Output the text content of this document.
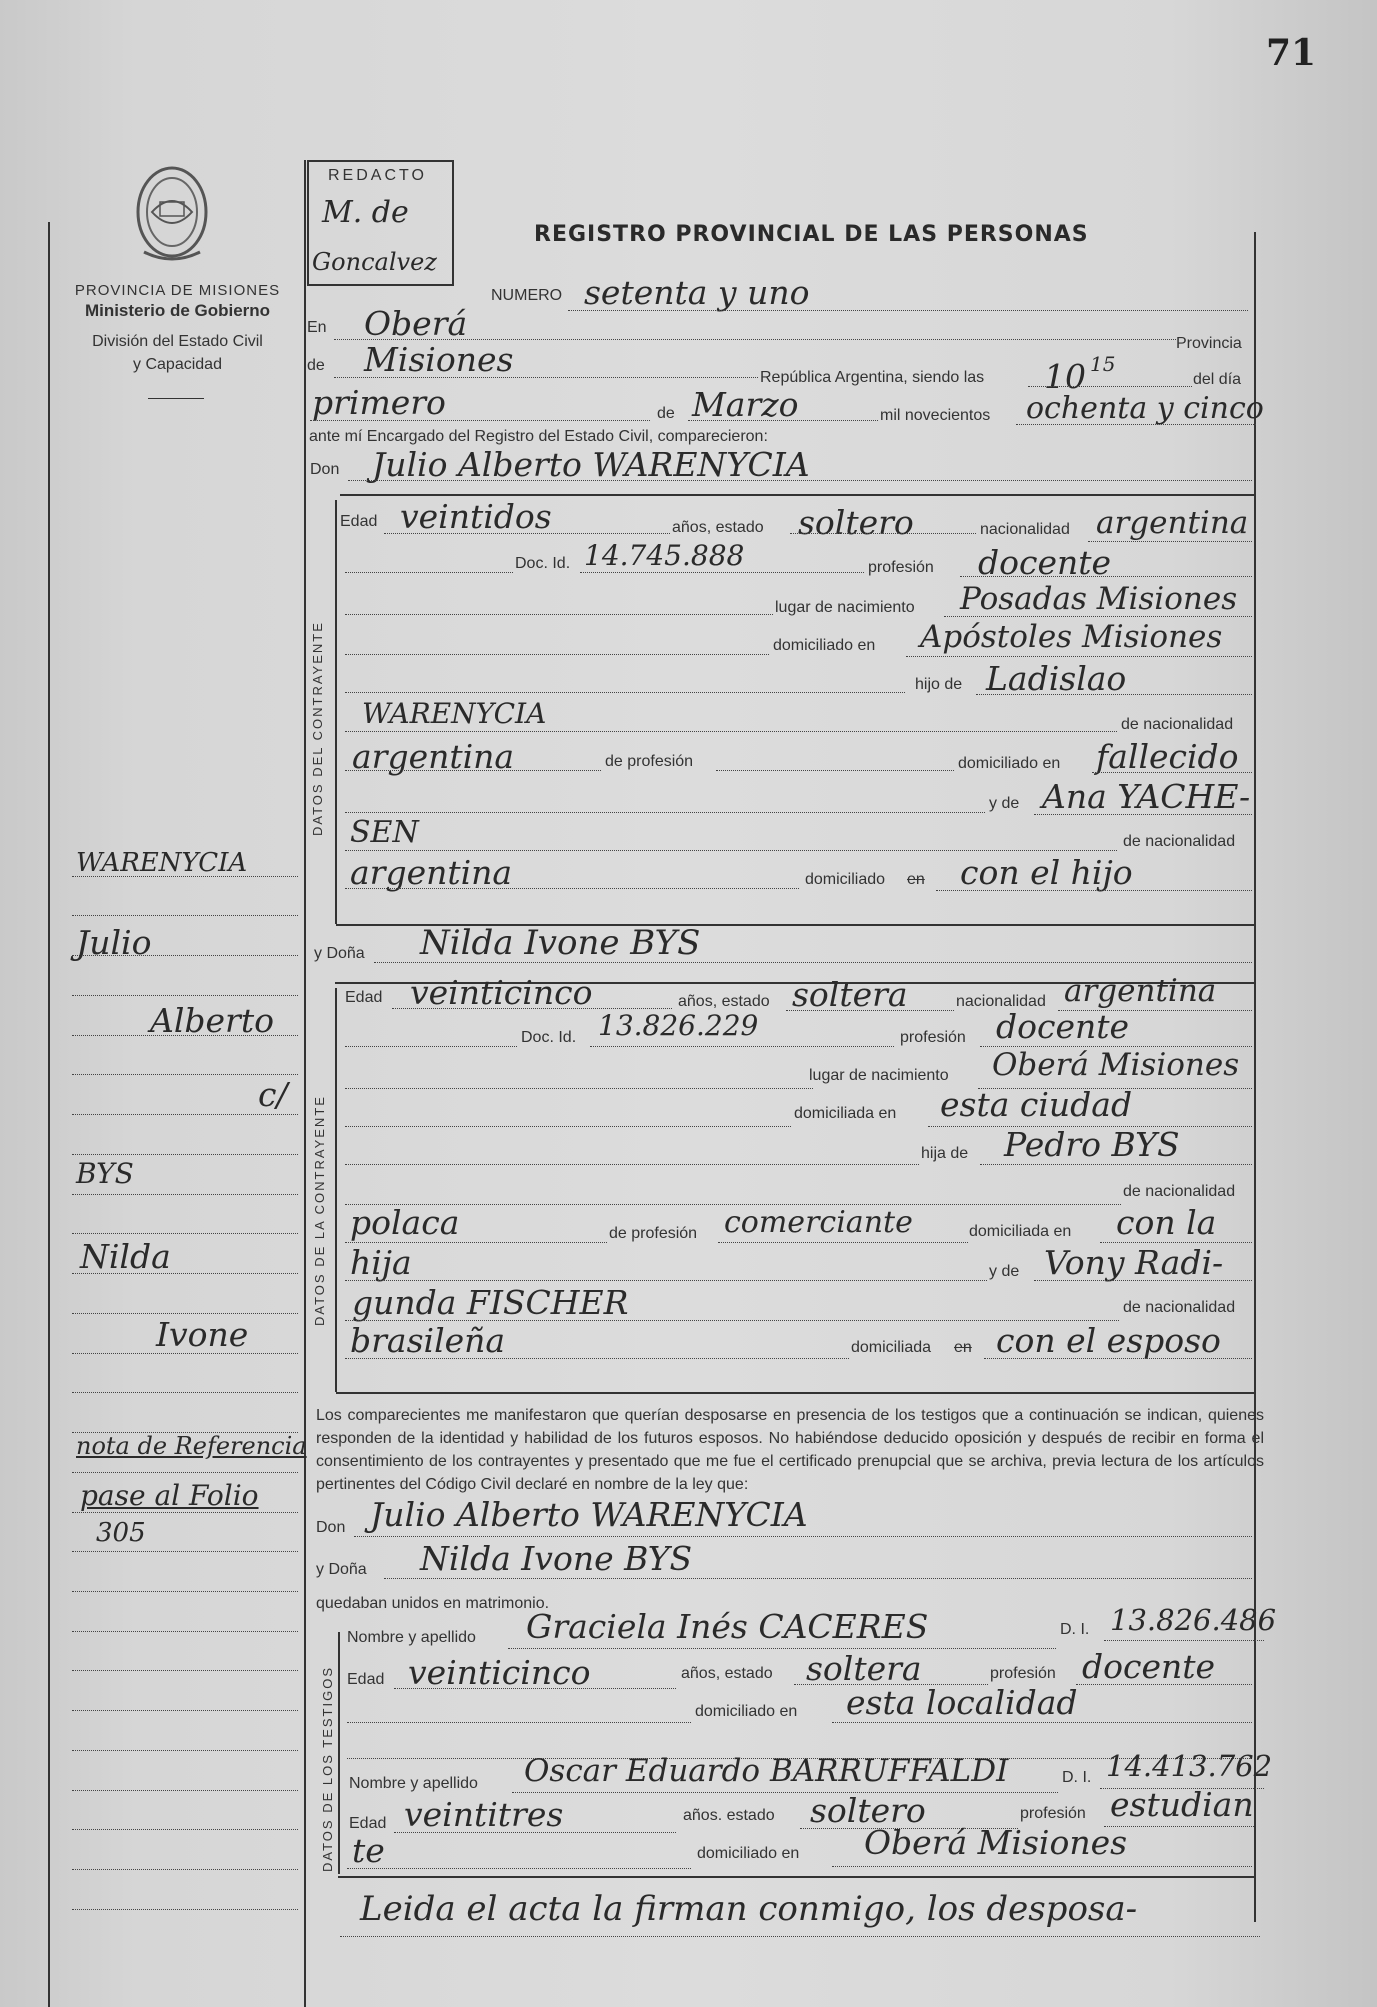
71
PROVINCIA DE MISIONES
Ministerio de Gobierno
División del Estado Civil
y Capacidad
REDACTO
M. de
Goncalvez
REGISTRO PROVINCIAL DE LAS PERSONAS
WARENYCIA
Julio
Alberto
c/
BYS
Nilda
Ivone
nota de Referencia
pase al Folio
305
NUMERO setenta y uno
En Oberá
Provincia
de Misiones	República Argentina, siendo las 10 15
del día
primero	de Marzo	mil novecientos ochenta y cinco
ante mí Encargado del Registro del Estado Civil, comparecieron:
Don Julio Alberto WARENYCIA
DATOS DEL CONTRAYENTE
Edad veintidos	años, estado soltero	nacionalidad argentina
Doc. Id. 14.745.888	profesión docente
lugar de nacimiento Posadas Misiones
domiciliado en Apóstoles Misiones
hijo de Ladislao
WARENYCIA	de nacionalidad
argentina	de profesión	domiciliado en fallecido
y de Ana YACHE-
SEN	de nacionalidad
argentina	domiciliado en con el hijo
y Doña Nilda Ivone BYS
DATOS DE LA CONTRAYENTE
Edad veinticinco	años, estado soltera	nacionalidad argentina
Doc. Id. 13.826.229	profesión docente
lugar de nacimiento Oberá Misiones
domiciliada en esta ciudad
hija de Pedro BYS
de nacionalidad
polaca	de profesión comerciante	domiciliada en con la
hija	y de Vony Radi-
gunda FISCHER	de nacionalidad
brasileña	domiciliada en con el esposo
Los comparecientes me manifestaron que querían desposarse en presencia de los testigos que a continuación se indican, quienes responden de la identidad y habilidad de los futuros esposos. No habiéndose deducido oposición y después de recibir en forma el consentimiento de los contrayentes y presentado que me fue el certificado prenupcial que se archiva, previa lectura de los artículos pertinentes del Código Civil declaré en nombre de la ley que:
Don Julio Alberto WARENYCIA
y Doña Nilda Ivone BYS
quedaban unidos en matrimonio.
DATOS DE LOS TESTIGOS
Nombre y apellido Graciela Inés CACERES	D. I. 13.826.486
Edad veinticinco	años, estado soltera	profesión docente
domiciliado en esta localidad
Nombre y apellido Oscar Eduardo BARRUFFALDI	D. I. 14.413.762
Edad veintitres	años. estado soltero	profesión estudian
te	domiciliado en Oberá Misiones
Leida el acta la firman conmigo, los desposa-
